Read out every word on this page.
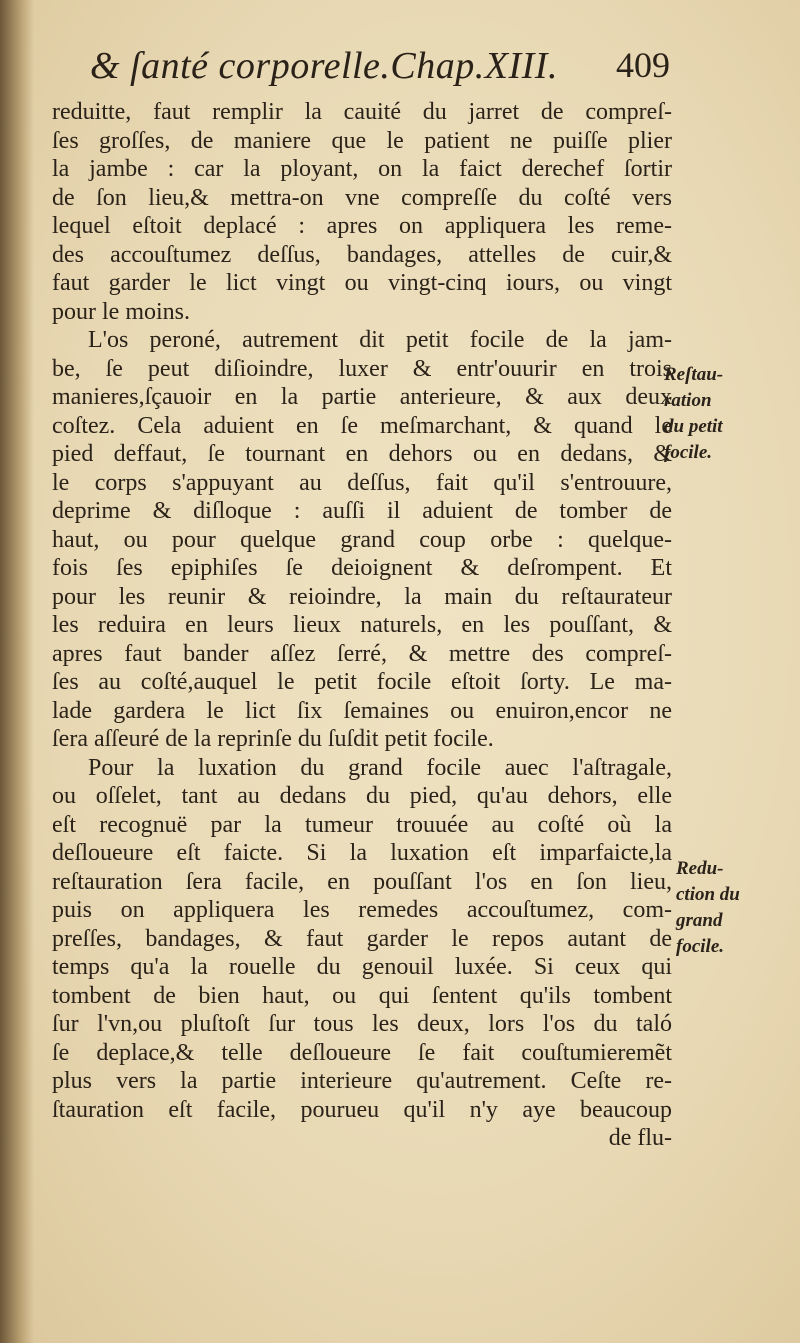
& ſanté corporelle.Chap.XIII. 409
reduitte, faut remplir la cauité du jarret de compreſ-
ſes groſſes, de maniere que le patient ne puiſſe plier
la jambe : car la ployant, on la faict derechef ſortir
de ſon lieu,& mettra-on vne compreſſe du coſté vers
lequel eſtoit deplacé : apres on appliquera les reme-
des accouſtumez deſſus, bandages, attelles de cuir,&
faut garder le lict vingt ou vingt-cinq iours, ou vingt
pour le moins.
L'os peroné, autrement dit petit focile de la jam-
be, ſe peut diſioindre, luxer & entr'ouurir en trois
manieres,ſçauoir en la partie anterieure, & aux deux
coſtez. Cela aduient en ſe meſmarchant, & quand le
pied deffaut, ſe tournant en dehors ou en dedans, &
le corps s'appuyant au deſſus, fait qu'il s'entrouure,
deprime & diſloque : auſſi il aduient de tomber de
haut, ou pour quelque grand coup orbe : quelque-
fois ſes epiphiſes ſe deioignent & deſrompent. Et
pour les reunir & reioindre, la main du reſtaurateur
les reduira en leurs lieux naturels, en les pouſſant, &
apres faut bander aſſez ſerré, & mettre des compreſ-
ſes au coſté,auquel le petit focile eſtoit ſorty. Le ma-
lade gardera le lict ſix ſemaines ou enuiron,encor ne
ſera aſſeuré de la reprinſe du ſuſdit petit focile.
Pour la luxation du grand focile auec l'aſtragale,
ou oſſelet, tant au dedans du pied, qu'au dehors, elle
eſt recognuë par la tumeur trouuée au coſté où la
deſloueure eſt faicte. Si la luxation eſt imparfaicte,la
reſtauration ſera facile, en pouſſant l'os en ſon lieu,
puis on appliquera les remedes accouſtumez, com-
preſſes, bandages, & faut garder le repos autant de
temps qu'a la rouelle du genouil luxée. Si ceux qui
tombent de bien haut, ou qui ſentent qu'ils tombent
ſur l'vn,ou pluſtoſt ſur tous les deux, lors l'os du taló
ſe deplace,& telle deſloueure ſe fait couſtumieremẽt
plus vers la partie interieure qu'autrement. Ceſte re-
ſtauration eſt facile, pourueu qu'il n'y aye beaucoup
de flu-
Reſtau-
ration
du petit
focile.
Redu-
ction du
grand
focile.
